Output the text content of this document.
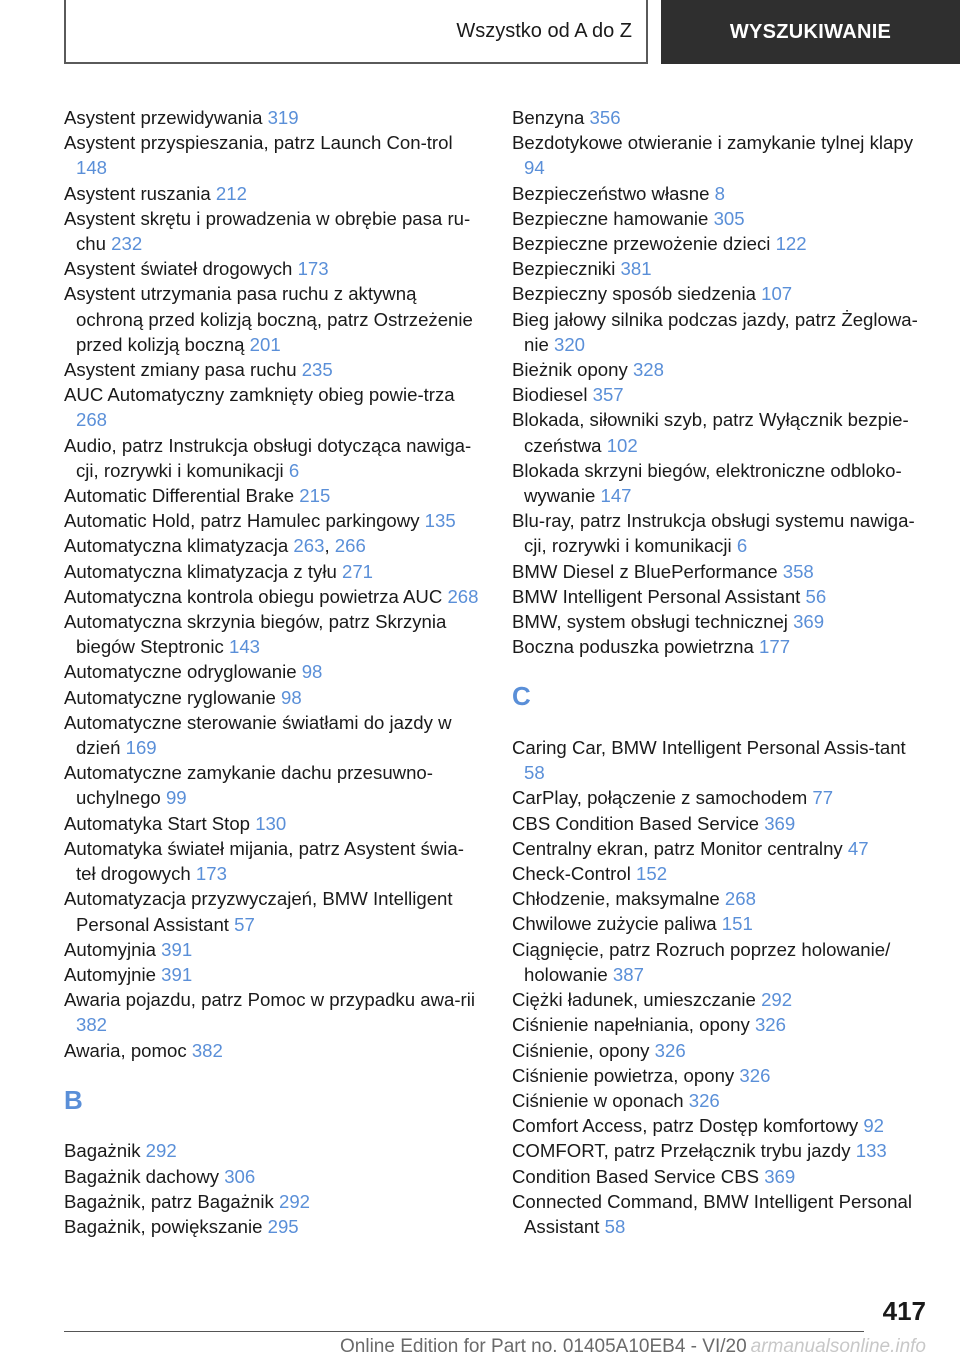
Wszystko od A do Z	WYSZUKIWANIE
Asystent przewidywania 319
Asystent przyspieszania, patrz Launch Con‐trol 148
Asystent ruszania 212
Asystent skrętu i prowadzenia w obrębie pasa ru‐chu 232
Asystent świateł drogowych 173
Asystent utrzymania pasa ruchu z aktywną ochroną przed kolizją boczną, patrz Ostrzeżenie przed kolizją boczną 201
Asystent zmiany pasa ruchu 235
AUC Automatyczny zamknięty obieg powie‐trza 268
Audio, patrz Instrukcja obsługi dotycząca nawiga‐cji, rozrywki i komunikacji 6
Automatic Differential Brake 215
Automatic Hold, patrz Hamulec parkingowy 135
Automatyczna klimatyzacja 263, 266
Automatyczna klimatyzacja z tyłu 271
Automatyczna kontrola obiegu powietrza AUC 268
Automatyczna skrzynia biegów, patrz Skrzynia biegów Steptronic 143
Automatyczne odryglowanie 98
Automatyczne ryglowanie 98
Automatyczne sterowanie światłami do jazdy w dzień 169
Automatyczne zamykanie dachu przesuwno‐uchylnego 99
Automatyka Start Stop 130
Automatyka świateł mijania, patrz Asystent świa‐teł drogowych 173
Automatyzacja przyzwyczajeń, BMW Intelligent Personal Assistant 57
Automyjnia 391
Automyjnie 391
Awaria pojazdu, patrz Pomoc w przypadku awa‐rii 382
Awaria, pomoc 382
B
Bagażnik 292
Bagażnik dachowy 306
Bagażnik, patrz Bagażnik 292
Bagażnik, powiększanie 295
Benzyna 356
Bezdotykowe otwieranie i zamykanie tylnej klapy 94
Bezpieczeństwo własne 8
Bezpieczne hamowanie 305
Bezpieczne przewożenie dzieci 122
Bezpieczniki 381
Bezpieczny sposób siedzenia 107
Bieg jałowy silnika podczas jazdy, patrz Żeglowa‐nie 320
Bieżnik opony 328
Biodiesel 357
Blokada, siłowniki szyb, patrz Wyłącznik bezpie‐czeństwa 102
Blokada skrzyni biegów, elektroniczne odbloko‐wywanie 147
Blu-ray, patrz Instrukcja obsługi systemu nawiga‐cji, rozrywki i komunikacji 6
BMW Diesel z BluePerformance 358
BMW Intelligent Personal Assistant 56
BMW, system obsługi technicznej 369
Boczna poduszka powietrzna 177
C
Caring Car, BMW Intelligent Personal Assis‐tant 58
CarPlay, połączenie z samochodem 77
CBS Condition Based Service 369
Centralny ekran, patrz Monitor centralny 47
Check-Control 152
Chłodzenie, maksymalne 268
Chwilowe zużycie paliwa 151
Ciągnięcie, patrz Rozruch poprzez holowanie/ holowanie 387
Ciężki ładunek, umieszczanie 292
Ciśnienie napełniania, opony 326
Ciśnienie, opony 326
Ciśnienie powietrza, opony 326
Ciśnienie w oponach 326
Comfort Access, patrz Dostęp komfortowy 92
COMFORT, patrz Przełącznik trybu jazdy 133
Condition Based Service CBS 369
Connected Command, BMW Intelligent Personal Assistant 58
417
Online Edition for Part no. 01405A10EB4 - VI/20 armanualsonline.info
